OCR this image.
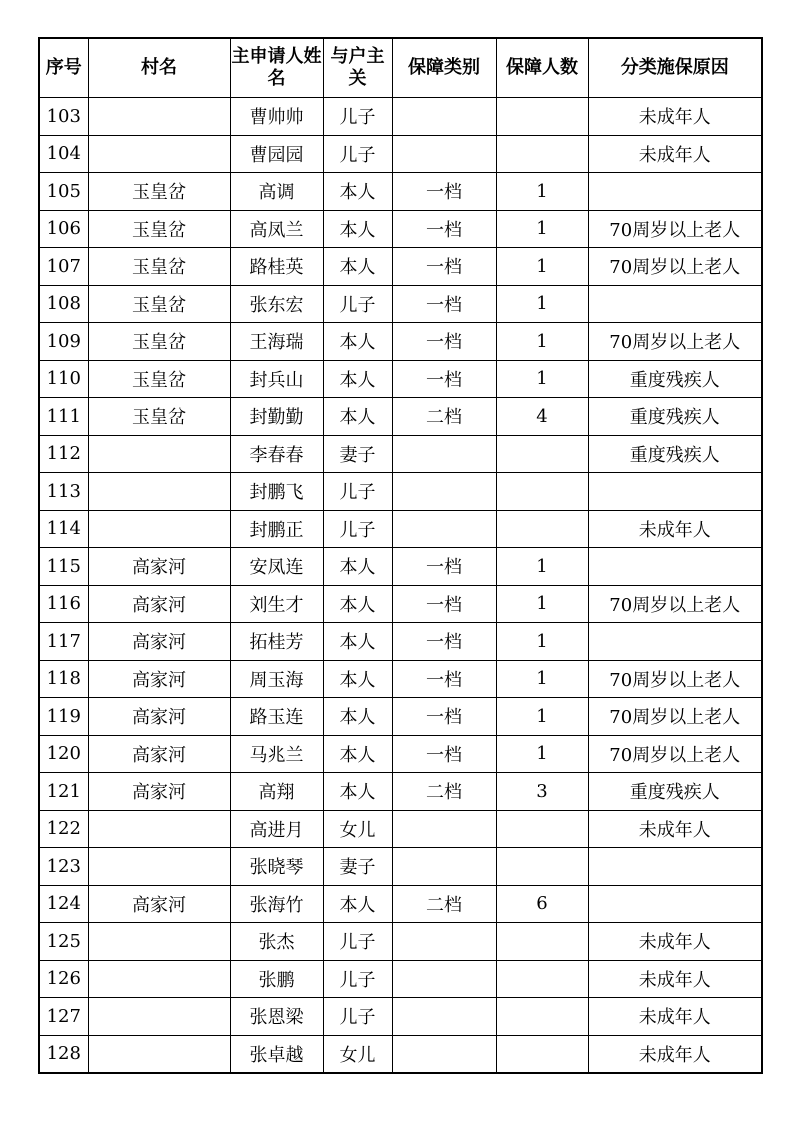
序号	村名	主申请人姓名	与户主关	保障类别	保障人数	分类施保原因
103		曹帅帅	儿子			未成年人
104		曹园园	儿子			未成年人
105	玉皇岔	高调	本人	一档	1	
106	玉皇岔	高凤兰	本人	一档	1	70周岁以上老人
107	玉皇岔	路桂英	本人	一档	1	70周岁以上老人
108	玉皇岔	张东宏	儿子	一档	1	
109	玉皇岔	王海瑞	本人	一档	1	70周岁以上老人
110	玉皇岔	封兵山	本人	一档	1	重度残疾人
111	玉皇岔	封勤勤	本人	二档	4	重度残疾人
112		李春春	妻子			重度残疾人
113		封鹏飞	儿子			
114		封鹏正	儿子			未成年人
115	高家河	安凤连	本人	一档	1	
116	高家河	刘生才	本人	一档	1	70周岁以上老人
117	高家河	拓桂芳	本人	一档	1	
118	高家河	周玉海	本人	一档	1	70周岁以上老人
119	高家河	路玉连	本人	一档	1	70周岁以上老人
120	高家河	马兆兰	本人	一档	1	70周岁以上老人
121	高家河	高翔	本人	二档	3	重度残疾人
122		高进月	女儿			未成年人
123		张晓琴	妻子			
124	高家河	张海竹	本人	二档	6	
125		张杰	儿子			未成年人
126		张鹏	儿子			未成年人
127		张恩梁	儿子			未成年人
128		张卓越	女儿			未成年人
